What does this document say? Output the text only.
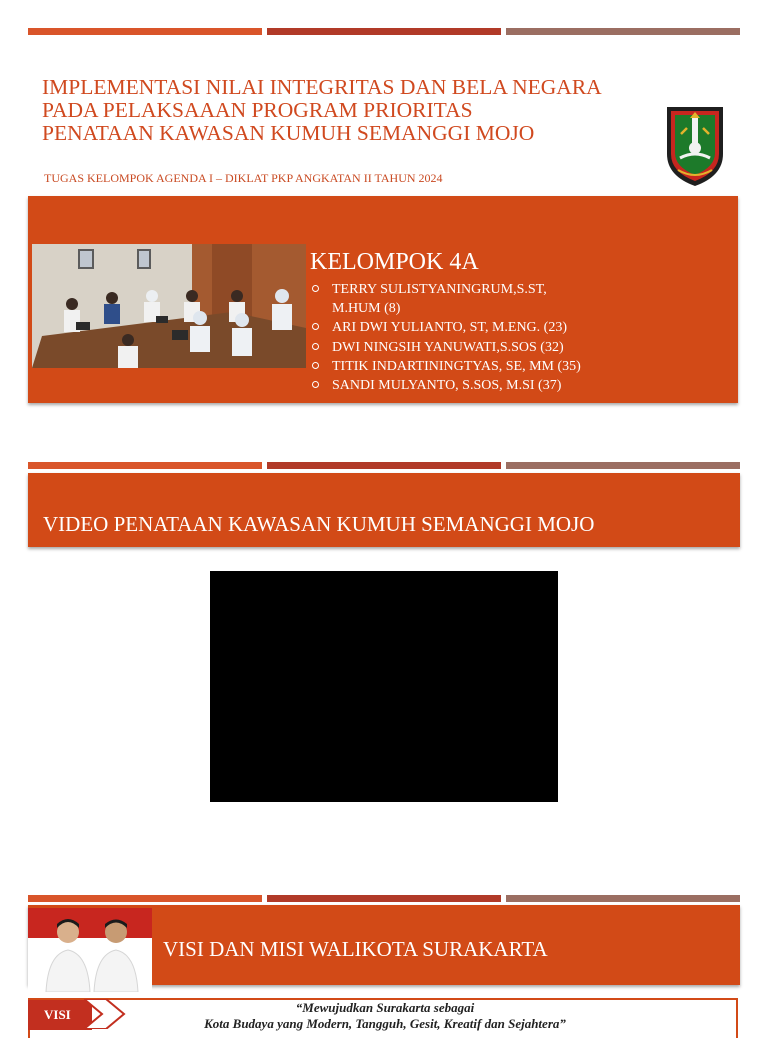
IMPLEMENTASI NILAI INTEGRITAS DAN BELA NEGARA
PADA PELAKSAAAN PROGRAM PRIORITAS
PENATAAN KAWASAN KUMUH SEMANGGI MOJO
TUGAS KELOMPOK AGENDA I – DIKLAT PKP ANGKATAN II TAHUN 2024
KELOMPOK 4A
TERRY SULISTYANINGRUM,S.ST, M.HUM (8)
ARI DWI YULIANTO, ST, M.ENG. (23)
DWI NINGSIH YANUWATI,S.SOS (32)
TITIK INDARTININGTYAS, SE, MM (35)
SANDI MULYANTO, S.SOS, M.SI (37)
VIDEO PENATAAN KAWASAN KUMUH SEMANGGI MOJO
VISI DAN MISI WALIKOTA SURAKARTA
VISI	“Mewujudkan Surakarta sebagai
Kota Budaya yang Modern, Tangguh, Gesit, Kreatif dan Sejahtera”
